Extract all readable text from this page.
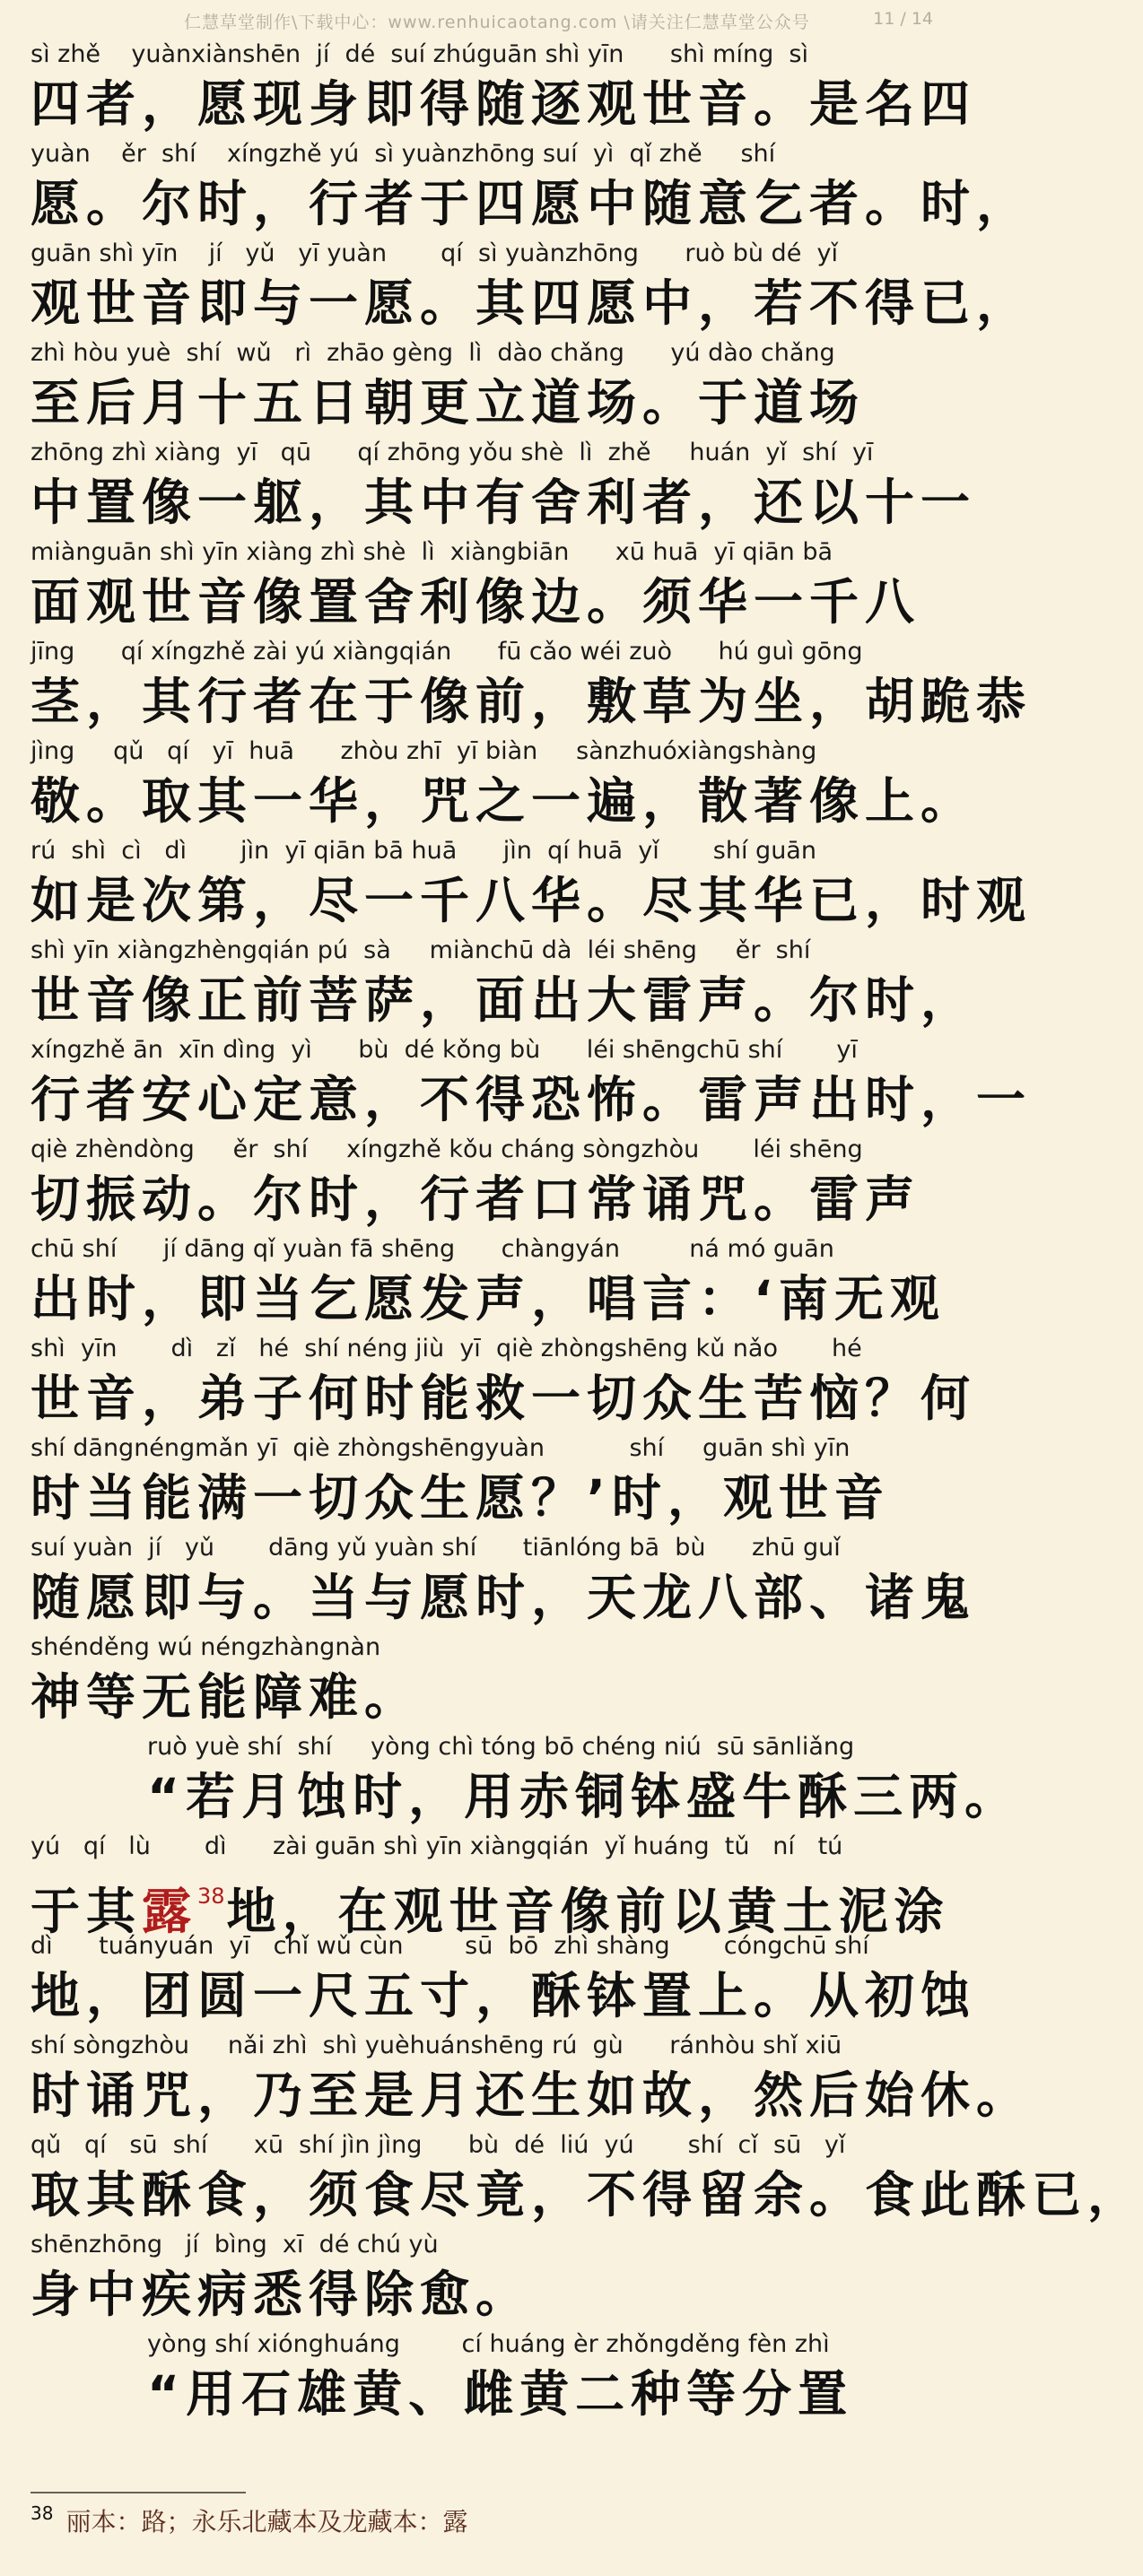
仁慧草堂制作\下载中心：www.renhuicaotang.com \请关注仁慧草堂公众号	11 / 14
sì zhě    yuànxiànshēn  jí  dé  suí zhúguān shì yīn      shì míng  sì
四者，愿现身即得随逐观世音。是名四
yuàn    ěr  shí    xíngzhě yú  sì yuànzhōng suí  yì  qǐ zhě     shí
愿。尔时，行者于四愿中随意乞者。时，
guān shì yīn    jí   yǔ   yī yuàn       qí  sì yuànzhōng      ruò bù dé  yǐ
观世音即与一愿。其四愿中，若不得已，
zhì hòu yuè  shí  wǔ   rì  zhāo gèng  lì  dào chǎng      yú dào chǎng
至后月十五日朝更立道场。于道场
zhōng zhì xiàng  yī   qū      qí zhōng yǒu shè  lì  zhě     huán  yǐ  shí  yī
中置像一躯，其中有舍利者，还以十一
miànguān shì yīn xiàng zhì shè  lì  xiàngbiān      xū huā  yī qiān bā
面观世音像置舍利像边。须华一千八
jīng      qí xíngzhě zài yú xiàngqián      fū cǎo wéi zuò      hú guì gōng
茎，其行者在于像前，敷草为坐，胡跪恭
jìng     qǔ   qí   yī  huā      zhòu zhī  yī biàn     sànzhuóxiàngshàng
敬。取其一华，咒之一遍，散著像上。
rú  shì  cì   dì       jìn  yī qiān bā huā      jìn  qí huā  yǐ       shí guān
如是次第，尽一千八华。尽其华已，时观
shì yīn xiàngzhèngqián pú  sà     miànchū dà  léi shēng     ěr  shí
世音像正前菩萨，面出大雷声。尔时，
xíngzhě ān  xīn dìng  yì      bù  dé kǒng bù      léi shēngchū shí       yī
行者安心定意，不得恐怖。雷声出时，一
qiè zhèndòng     ěr  shí     xíngzhě kǒu cháng sòngzhòu       léi shēng
切振动。尔时，行者口常诵咒。雷声
chū shí      jí dāng qǐ yuàn fā shēng      chàngyán         ná mó guān
出时，即当乞愿发声，唱言：‘南无观
shì  yīn       dì   zǐ   hé  shí néng jiù  yī  qiè zhòngshēng kǔ nǎo       hé
世音，弟子何时能救一切众生苦恼？何
shí dāngnéngmǎn yī  qiè zhòngshēngyuàn           shí     guān shì yīn
时当能满一切众生愿？’时，观世音
suí yuàn  jí   yǔ       dāng yǔ yuàn shí      tiānlóng bā  bù      zhū guǐ
随愿即与。当与愿时，天龙八部、诸鬼
shénděng wú néngzhàngnàn
神等无能障难。
ruò yuè shí  shí     yòng chì tóng bō chéng niú  sū sānliǎng
“若月蚀时，用赤铜钵盛牛酥三两。
yú   qí   lù       dì      zài guān shì yīn xiàngqián  yǐ huáng  tǔ   ní   tú
于其露$^{38}$地，在观世音像前以黄土泥涂
dì      tuányuán  yī   chǐ wǔ cùn        sū  bō  zhì shàng       cóngchū shí
地，团圆一尺五寸，酥钵置上。从初蚀
shí sòngzhòu     nǎi zhì  shì yuèhuánshēng rú  gù      ránhòu shǐ xiū
时诵咒，乃至是月还生如故，然后始休。
qǔ   qí   sū  shí      xū  shí jìn jìng      bù  dé  liú  yú       shí  cǐ  sū   yǐ
取其酥食，须食尽竟，不得留余。食此酥已，
shēnzhōng   jí  bìng  xī  dé chú yù
身中疾病悉得除愈。
yòng shí xiónghuáng        cí huáng èr zhǒngděng fèn zhì
“用石雄黄、雌黄二种等分置
$^{38}$ 丽本：路；永乐北藏本及龙藏本：露
